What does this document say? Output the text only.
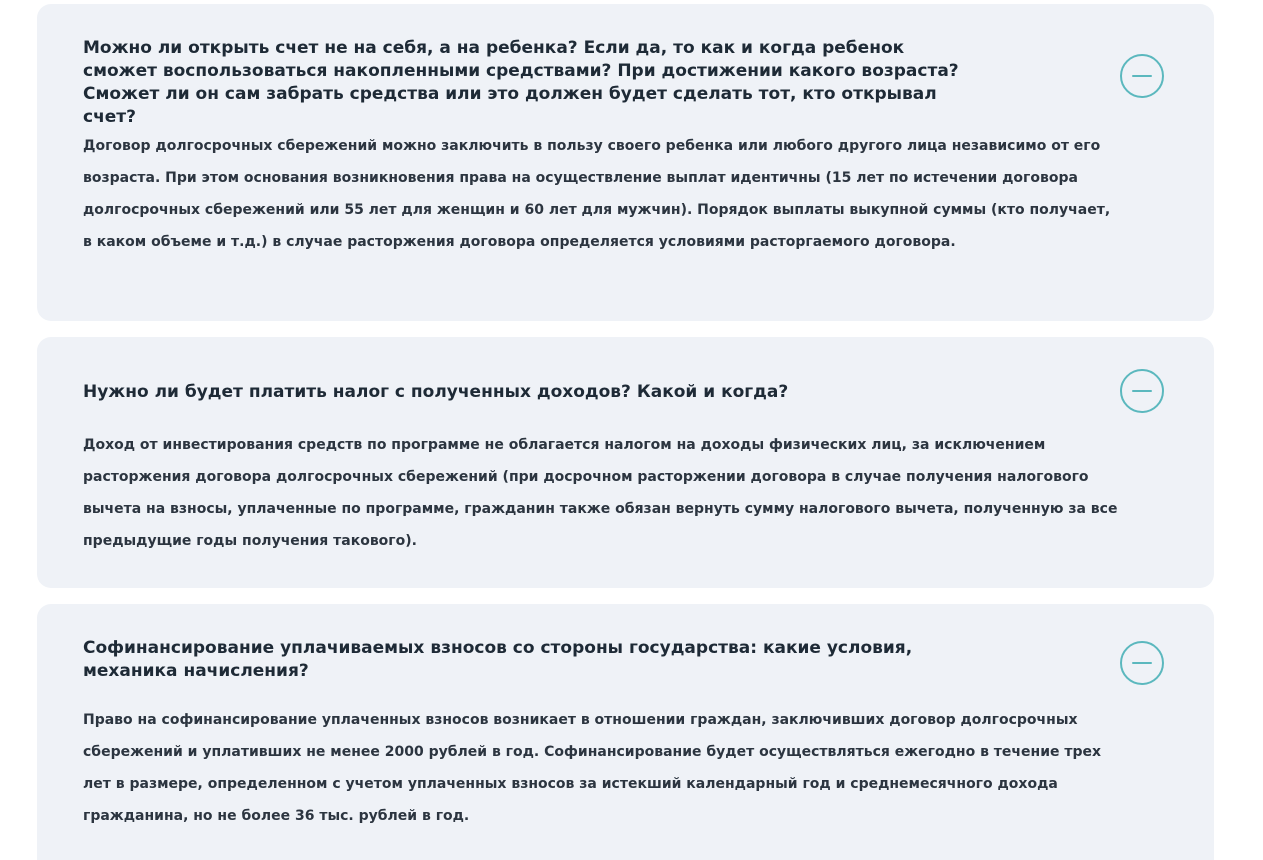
Можно ли открыть счет не на себя, а на ребенка? Если да, то как и когда ребенок сможет воспользоваться накопленными средствами? При достижении какого возраста? Сможет ли он сам забрать средства или это должен будет сделать тот, кто открывал счет?

Договор долгосрочных сбережений можно заключить в пользу своего ребенка или любого другого лица независимо от его возраста. При этом основания возникновения права на осуществление выплат идентичны (15 лет по истечении договора долгосрочных сбережений или 55 лет для женщин и 60 лет для мужчин). Порядок выплаты выкупной суммы (кто получает, в каком объеме и т.д.) в случае расторжения договора определяется условиями расторгаемого договора.

Нужно ли будет платить налог с полученных доходов? Какой и когда?

Доход от инвестирования средств по программе не облагается налогом на доходы физических лиц, за исключением расторжения договора долгосрочных сбережений (при досрочном расторжении договора в случае получения налогового вычета на взносы, уплаченные по программе, гражданин также обязан вернуть сумму налогового вычета, полученную за все предыдущие годы получения такового).

Софинансирование уплачиваемых взносов со стороны государства: какие условия, механика начисления?

Право на софинансирование уплаченных взносов возникает в отношении граждан, заключивших договор долгосрочных сбережений и уплативших не менее 2000 рублей в год. Софинансирование будет осуществляться ежегодно в течение трех лет в размере, определенном с учетом уплаченных взносов за истекший календарный год и среднемесячного дохода гражданина, но не более 36 тыс. рублей в год.
